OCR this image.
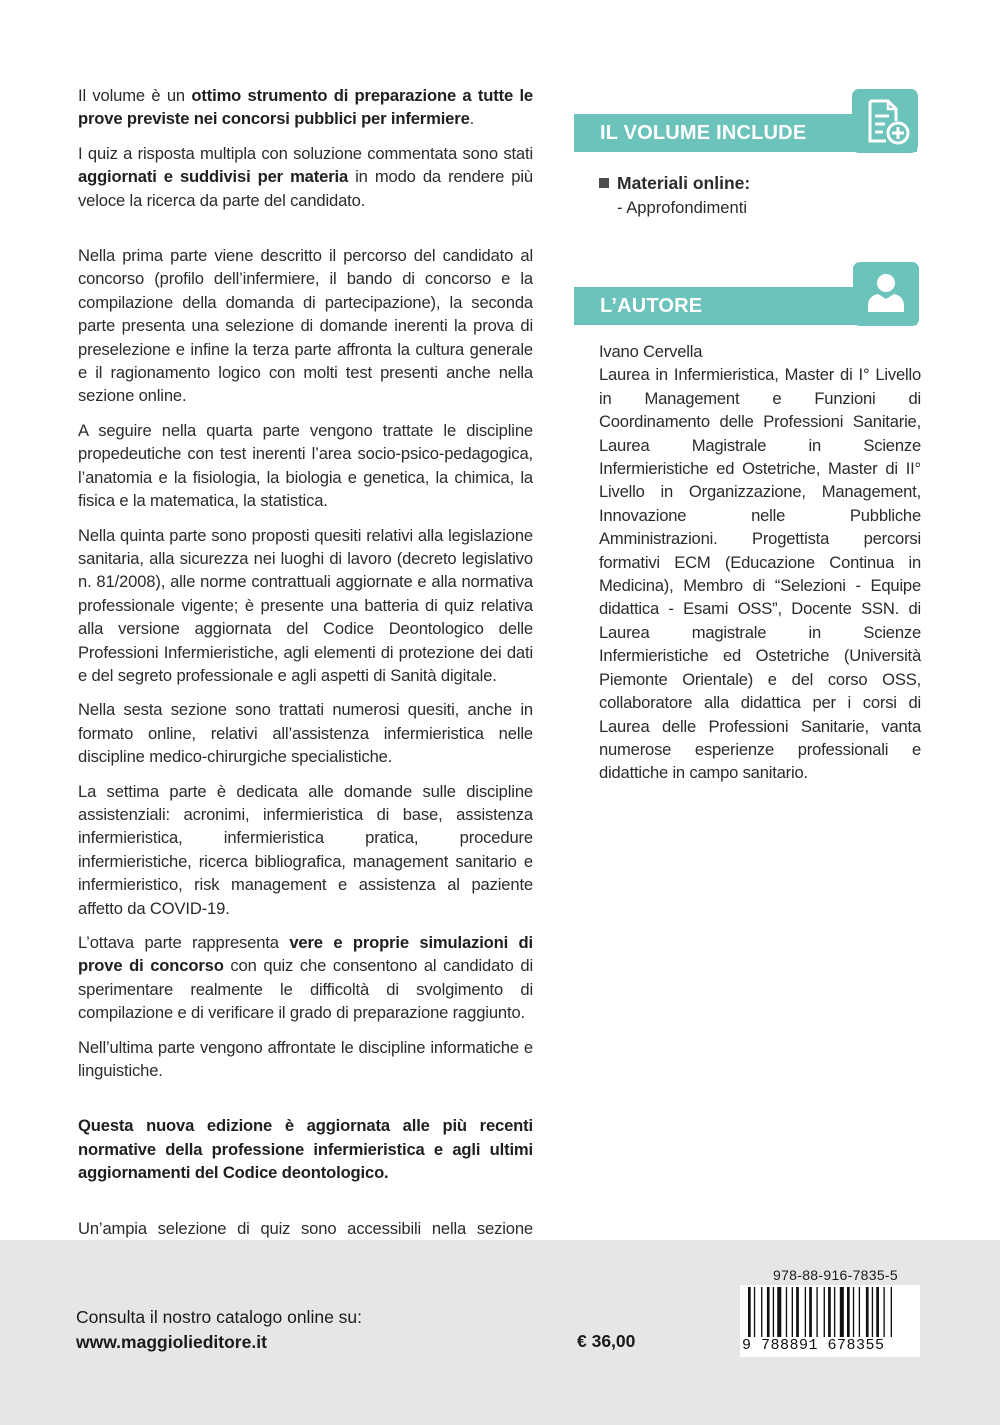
Il volume è un ottimo strumento di preparazione a tutte le prove previste nei concorsi pubblici per infermiere.

I quiz a risposta multipla con soluzione commentata sono stati aggiornati e suddivisi per materia in modo da rendere più veloce la ricerca da parte del candidato.

Nella prima parte viene descritto il percorso del candidato al concorso (profilo dell’infermiere, il bando di concorso e la compilazione della domanda di partecipazione), la seconda parte presenta una selezione di domande inerenti la prova di preselezione e infine la terza parte affronta la cultura generale e il ragionamento logico con molti test presenti anche nella sezione online.

A seguire nella quarta parte vengono trattate le discipline propedeutiche con test inerenti l’area socio-psico-pedagogica, l’anatomia e la fisiologia, la biologia e genetica, la chimica, la fisica e la matematica, la statistica.

Nella quinta parte sono proposti quesiti relativi alla legislazione sanitaria, alla sicurezza nei luoghi di lavoro (decreto legislativo n. 81/2008), alle norme contrattuali aggiornate e alla normativa professionale vigente; è presente una batteria di quiz relativa alla versione aggiornata del Codice Deontologico delle Professioni Infermieristiche, agli elementi di protezione dei dati e del segreto professionale e agli aspetti di Sanità digitale.

Nella sesta sezione sono trattati numerosi quesiti, anche in formato online, relativi all’assistenza infermieristica nelle discipline medico-chirurgiche specialistiche.

La settima parte è dedicata alle domande sulle discipline assistenziali: acronimi, infermieristica di base, assistenza infermieristica, infermieristica pratica, procedure infermieristiche, ricerca bibliografica, management sanitario e infermieristico, risk management e assistenza al paziente affetto da COVID-19.

L’ottava parte rappresenta vere e proprie simulazioni di prove di concorso con quiz che consentono al candidato di sperimentare realmente le difficoltà di svolgimento di compilazione e di verificare il grado di preparazione raggiunto.

Nell’ultima parte vengono affrontate le discipline informatiche e linguistiche.

Questa nuova edizione è aggiornata alle più recenti normative della professione infermieristica e agli ultimi aggiornamenti del Codice deontologico.

Un’ampia selezione di quiz sono accessibili nella sezione

IL VOLUME INCLUDE
Materiali online:
- Approfondimenti
L’AUTORE

Ivano Cervella

Laurea in Infermieristica, Master di I° Livello in Management e Funzioni di Coordinamento delle Professioni Sanitarie, Laurea Magistrale in Scienze Infermieristiche ed Ostetriche, Master di II° Livello in Organizzazione, Management, Innovazione nelle Pubbliche Amministrazioni. Progettista percorsi formativi ECM (Educazione Continua in Medicina), Membro di “Selezioni - Equipe didattica - Esami OSS”, Docente SSN. di Laurea magistrale in Scienze Infermieristiche ed Ostetriche (Università Piemonte Orientale) e del corso OSS, collaboratore alla didattica per i corsi di Laurea delle Professioni Sanitarie, vanta numerose esperienze professionali e didattiche in campo sanitario.

Consulta il nostro catalogo online su:
www.maggiolieditore.it	€ 36,00
978-88-916-7835-5
9 788891 678355
